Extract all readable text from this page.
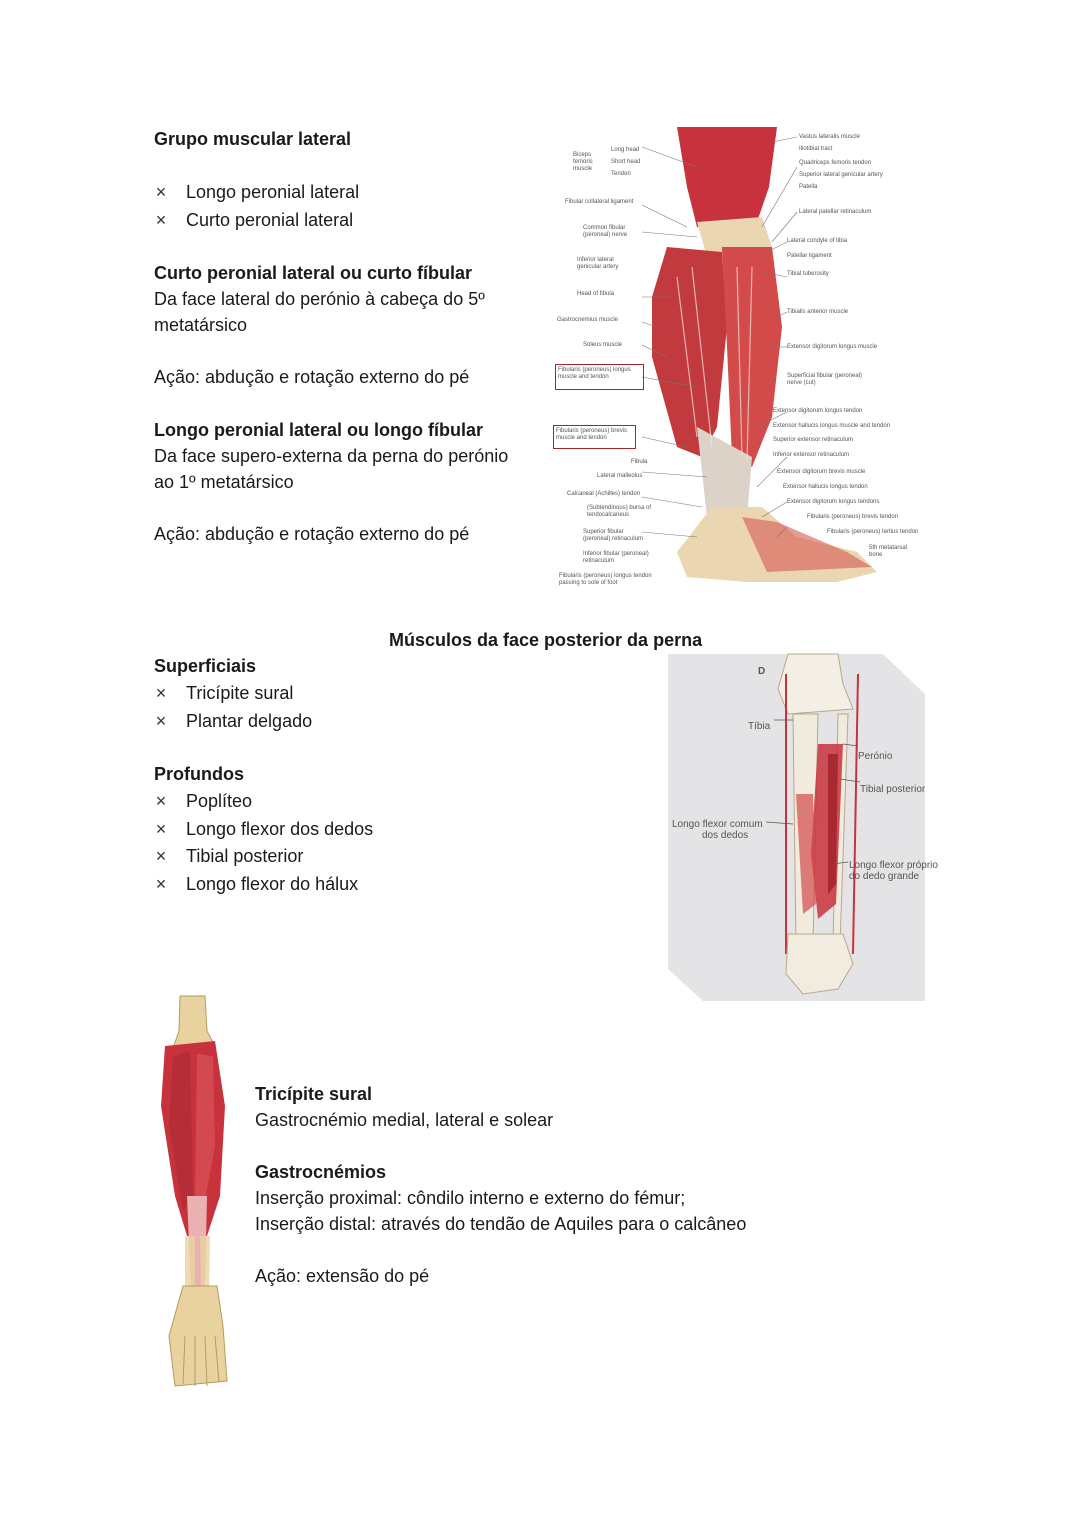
Grupo muscular lateral
× Longo peronial lateral
× Curto peronial lateral
Curto peronial lateral ou curto fíbular
Da face lateral do perónio à cabeça do 5º
metatársico
Ação: abdução e rotação externo do pé
Longo peronial lateral ou longo fíbular
Da face supero-externa da perna do perónio
ao 1º metatársico
Ação: abdução e rotação externo do pé
Biceps femoris muscle
Long head
Short head
Tendon
Fibular collateral ligament
Common fibular (peroneal) nerve
Inferior lateral genicular artery
Head of fibula
Gastrocnemius muscle
Soleus muscle
Fibularis (peroneus) longus muscle and tendon
Fibularis (peroneus) brevis muscle and tendon
Fibula
Lateral malleolus
Calcaneal (Achilles) tendon
(Subtendinous) bursa of tendocalcaneus
Superior fibular (peroneal) retinaculum
Inferior fibular (peroneal) retinaculum
Fibularis (peroneus) longus tendon passing to sole of foot
Vastus lateralis muscle
Iliotibial tract
Quadriceps femoris tendon
Superior lateral genicular artery
Patella
Lateral patellar retinaculum
Lateral condyle of tibia
Patellar ligament
Tibial tuberosity
Tibialis anterior muscle
Extensor digitorum longus muscle
Superficial fibular (peroneal) nerve (cut)
Extensor digitorum longus tendon
Extensor hallucis longus muscle and tendon
Superior extensor retinaculum
Inferior extensor retinaculum
Extensor digitorum brevis muscle
Extensor hallucis longus tendon
Extensor digitorum longus tendons
Fibularis (peroneus) brevis tendon
Fibularis (peroneus) tertius tendon
5th metatarsal bone
Músculos da face posterior da perna
Superficiais
× Tricípite sural
× Plantar delgado
Profundos
× Poplíteo
× Longo flexor dos dedos
× Tibial posterior
× Longo flexor do hálux
D
Tíbia
Perónio
Tibial posterior
Longo flexor comum
dos dedos
Longo flexor próprio
do dedo grande
Tricípite sural
Gastrocnémio medial, lateral e solear
Gastrocnémios
Inserção proximal: côndilo interno e externo do fémur;
Inserção distal: através do tendão de Aquiles para o calcâneo
Ação: extensão do pé
